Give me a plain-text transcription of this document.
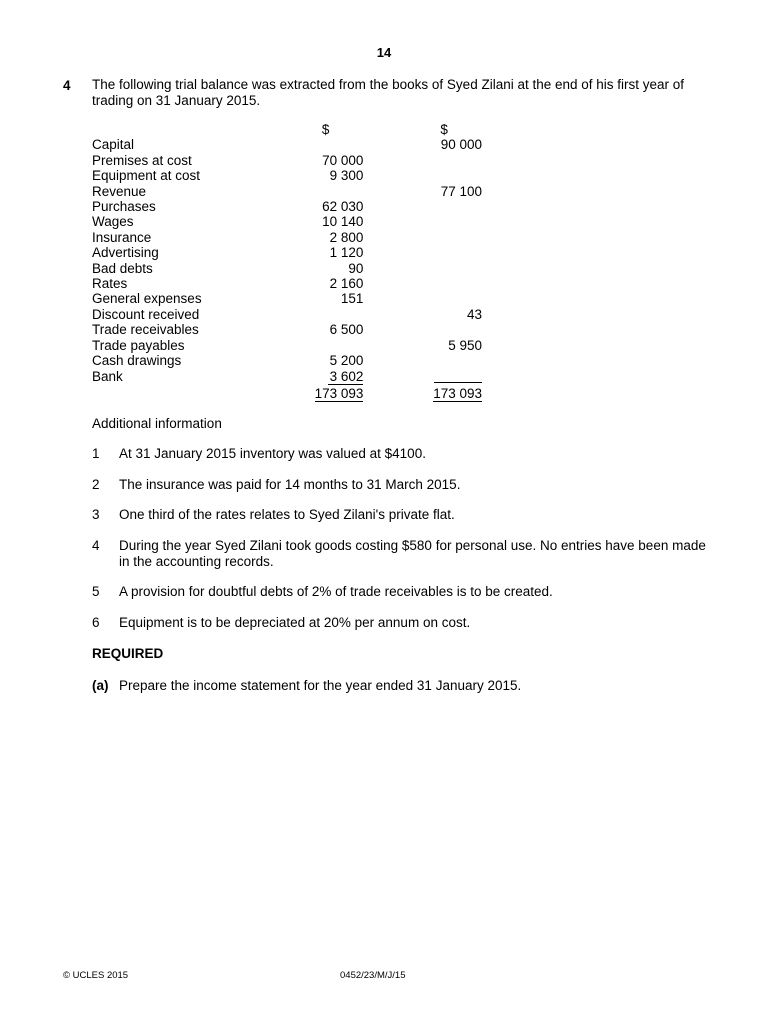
14
4 The following trial balance was extracted from the books of Syed Zilani at the end of his first year of trading on 31 January 2015.
	$		$
Capital			90 000
Premises at cost	70 000		
Equipment at cost	9 300		
Revenue			77 100
Purchases	62 030		
Wages	10 140		
Insurance	2 800		
Advertising	1 120		
Bad debts	90		
Rates	2 160		
General expenses	151		
Discount received			43
Trade receivables	6 500		
Trade payables			5 950
Cash drawings	5 200		
Bank	3 602		
	173 093		173 093
Additional information
1 At 31 January 2015 inventory was valued at $4100.
2 The insurance was paid for 14 months to 31 March 2015.
3 One third of the rates relates to Syed Zilani's private flat.
4 During the year Syed Zilani took goods costing $580 for personal use. No entries have been made in the accounting records.
5 A provision for doubtful debts of 2% of trade receivables is to be created.
6 Equipment is to be depreciated at 20% per annum on cost.
REQUIRED
(a) Prepare the income statement for the year ended 31 January 2015.
© UCLES 2015	0452/23/M/J/15
